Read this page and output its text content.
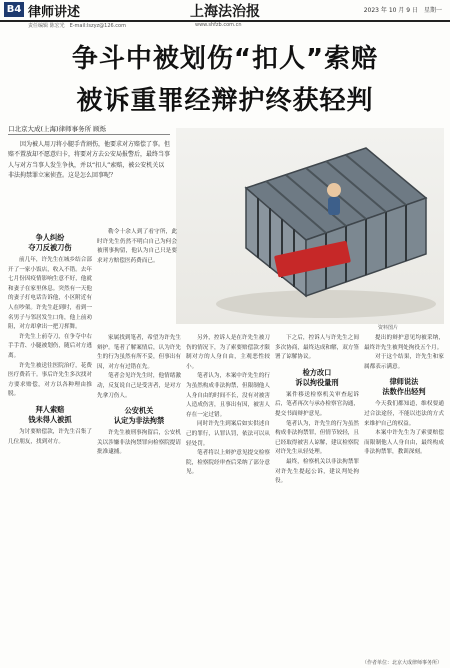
B4 律师讲述	上海法治报	2023 年 10 月 9 日　星期一
责任编辑 陈宏光　E-mail:lszyz@126.com	www.shfzb.com.cn
争斗中被划伤“扣人”索赔
被诉重罪经辩护终获轻判
口北京大成(上海)律师事务所 顾烁
因为被人用刀将小腿手背割伤，他要求对方赔偿了事。但赔不置放却不愿意归卡，将要对方去公安局报警后，最终当事人与对方当事人发生争执，并以“扣人”索赔，被公安机关以非法拘禁罪立案侦查。这是怎么回事呢？
资料图片
争人纠纷
夺刀反被刀伤

前几年，许先生在城乡结合部开了一家小饭店，收入不错。去年七月份因疫情影响生意不好，他就和妻子在家里休息。突然有一天他的妻子打电话告诉他，小区附近有人在吵架。许先生赶到时，看到一名男子与邻居发生口角，他上前劝阻，对方却拿出一把刀挥舞。

许先生上前夺刀，在争夺中右手手背、小腿被划伤，随后对方逃离。

许先生被送往医院治疗，花费医疗费若干。事后许先生多次找对方要求赔偿，对方以各种理由推脱。

拜人索赔
钱未得人被抓

为讨要赔偿款，许先生召集了几位朋友，找到对方。

勒令十余人到了看守所，此时许先生仍然不明白自己为何会被刑事拘留，他认为自己只是要求对方赔偿医药费而已。

家属找到笔者，希望为许先生辩护。笔者了解案情后，认为许先生的行为虽然有所不妥，但事出有因，对方有过错在先。

笔者会见许先生时，他情绪激动，反复说自己是受害者，是对方先拿刀伤人。

公安机关
认定为非法拘禁

许先生被刑事拘留后，公安机关以涉嫌非法拘禁罪向检察院提请批准逮捕。

另外，控诉人是在许先生被刀伤的情况下，为了索要赔偿款才限制对方的人身自由，主观恶性较小。

笔者认为，本案中许先生的行为虽然构成非法拘禁，但限制他人人身自由的时间不长，没有对被害人造成伤害，且事出有因，被害人存在一定过错。

同时许先生到案后如实供述自己的罪行，认罪认罚，依法可以从轻处罚。

笔者将以上辩护意见提交检察院，检察院经审查后采纳了部分意见。

下之后，控诉人与许先生之间多次协商，最终达成和解，双方签署了谅解协议。

检方改口
诉以拘役量刑

案件移送检察机关审查起诉后，笔者再次与承办检察官沟通，提交书面辩护意见。

笔者认为，许先生的行为虽然构成非法拘禁罪，但情节较轻，且已经取得被害人谅解，建议检察院对许先生从轻处理。

最终，检察机关以非法拘禁罪对许先生提起公诉，建议判处拘役。

提出的辩护意见均被采纳，最终许先生被判处拘役五个月。

对于这个结果，许先生和家属都表示满意。

律师说法
法数作出轻判

今天我们都知道，维权要通过合法途径，不能以违法的方式来维护自己的权益。

本案中许先生为了索要赔偿而限制他人人身自由，最终构成非法拘禁罪，教训深刻。

（作者单位：北京大成律师事务所）
